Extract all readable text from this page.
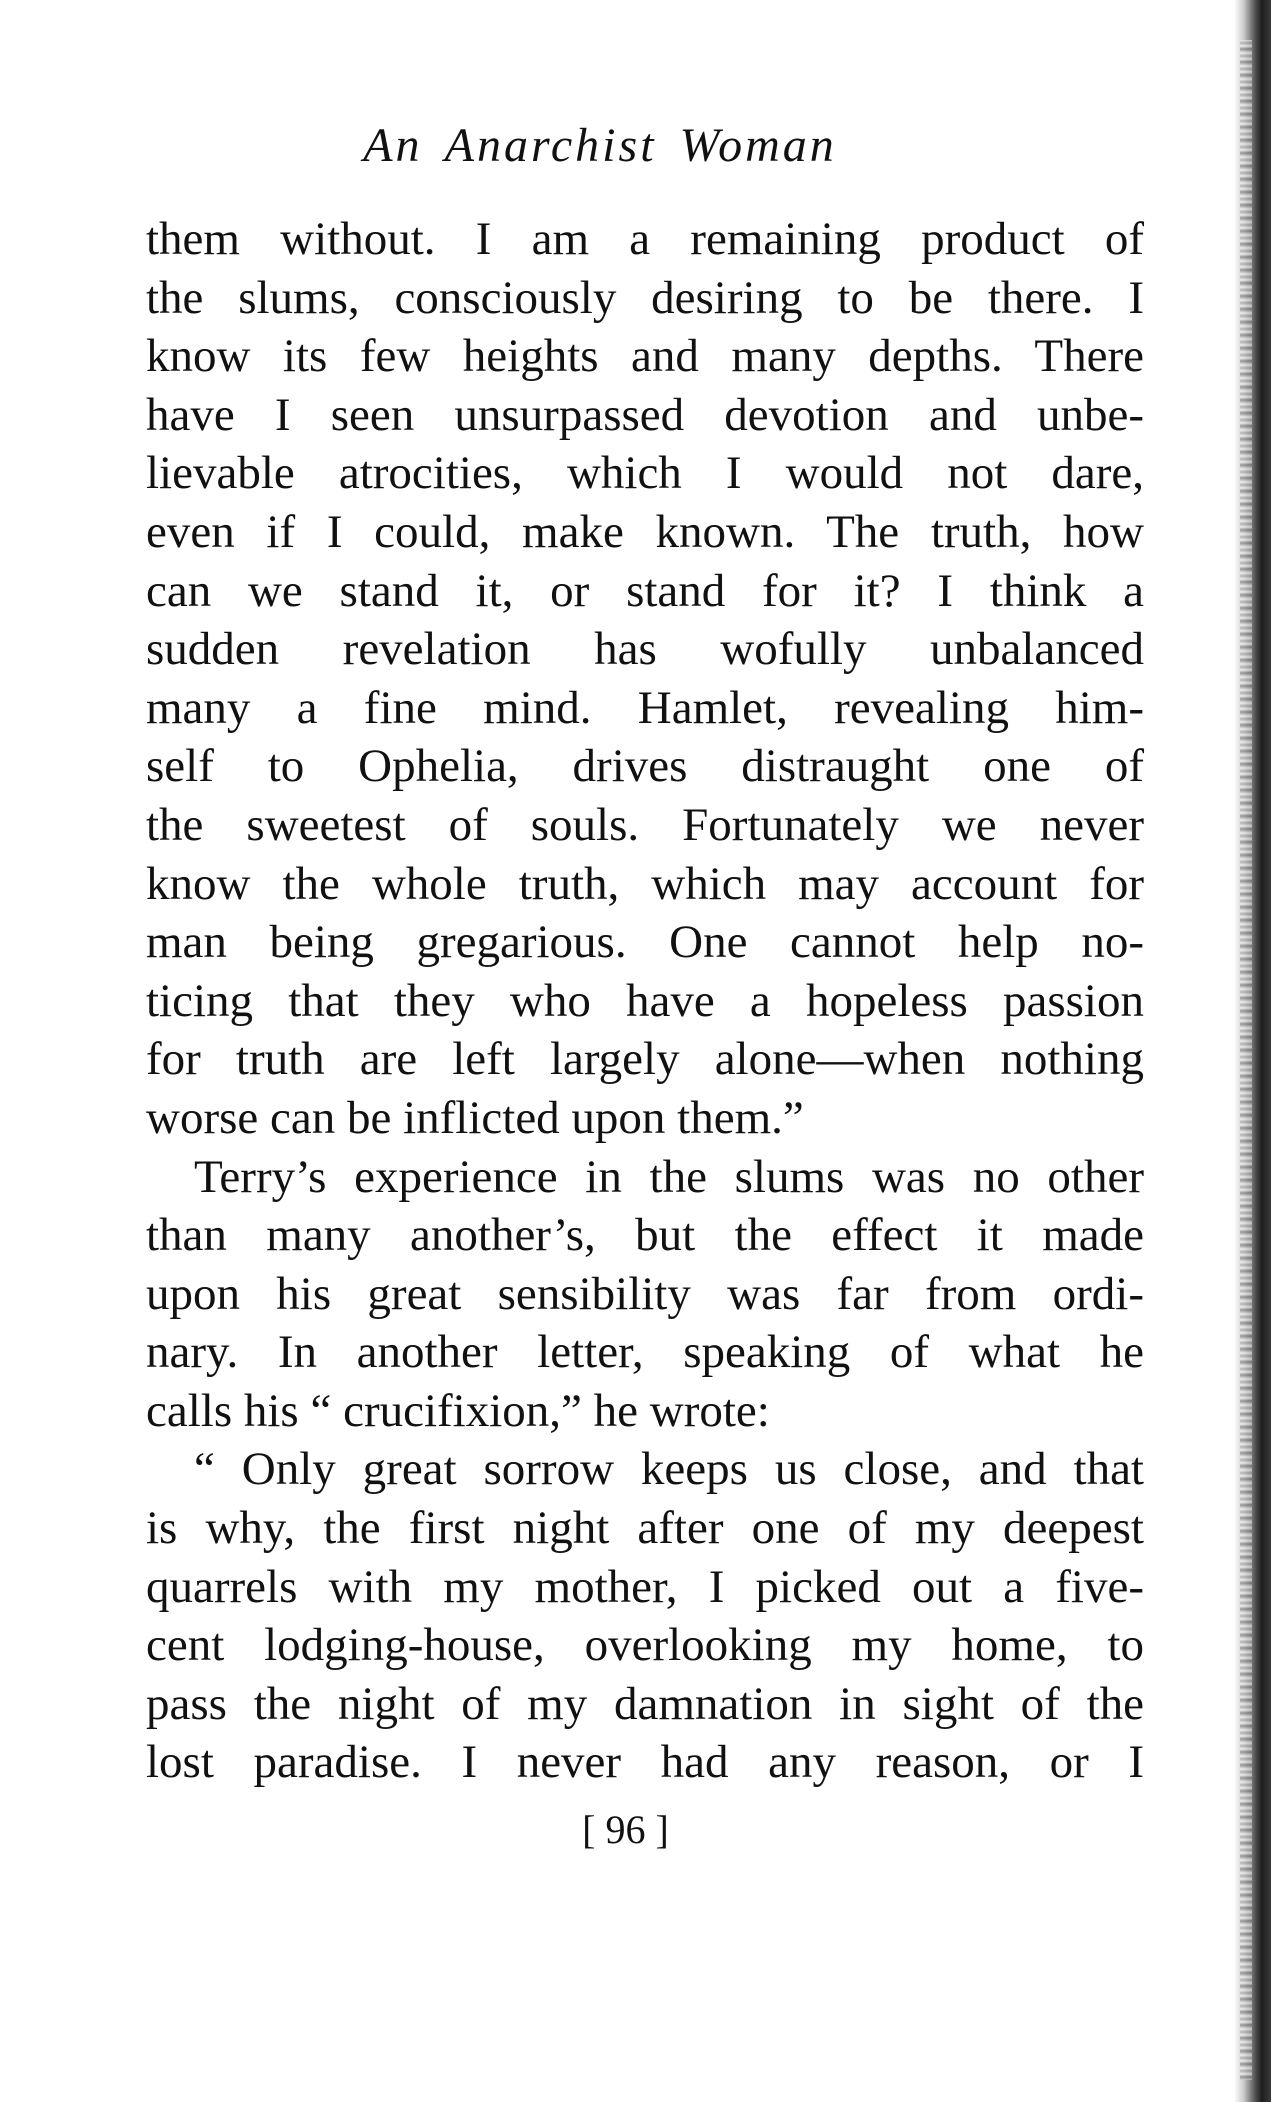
An Anarchist Woman
them without. I am a remaining product of
the slums, consciously desiring to be there. I
know its few heights and many depths. There
have I seen unsurpassed devotion and unbe-
lievable atrocities, which I would not dare,
even if I could, make known. The truth, how
can we stand it, or stand for it? I think a
sudden revelation has wofully unbalanced
many a fine mind. Hamlet, revealing him-
self to Ophelia, drives distraught one of
the sweetest of souls. Fortunately we never
know the whole truth, which may account for
man being gregarious. One cannot help no-
ticing that they who have a hopeless passion
for truth are left largely alone—when nothing
worse can be inflicted upon them.”
Terry’s experience in the slums was no other
than many another’s, but the effect it made
upon his great sensibility was far from ordi-
nary. In another letter, speaking of what he
calls his “ crucifixion,” he wrote:
“ Only great sorrow keeps us close, and that
is why, the first night after one of my deepest
quarrels with my mother, I picked out a five-
cent lodging-house, overlooking my home, to
pass the night of my damnation in sight of the
lost paradise. I never had any reason, or I
[ 96 ]
